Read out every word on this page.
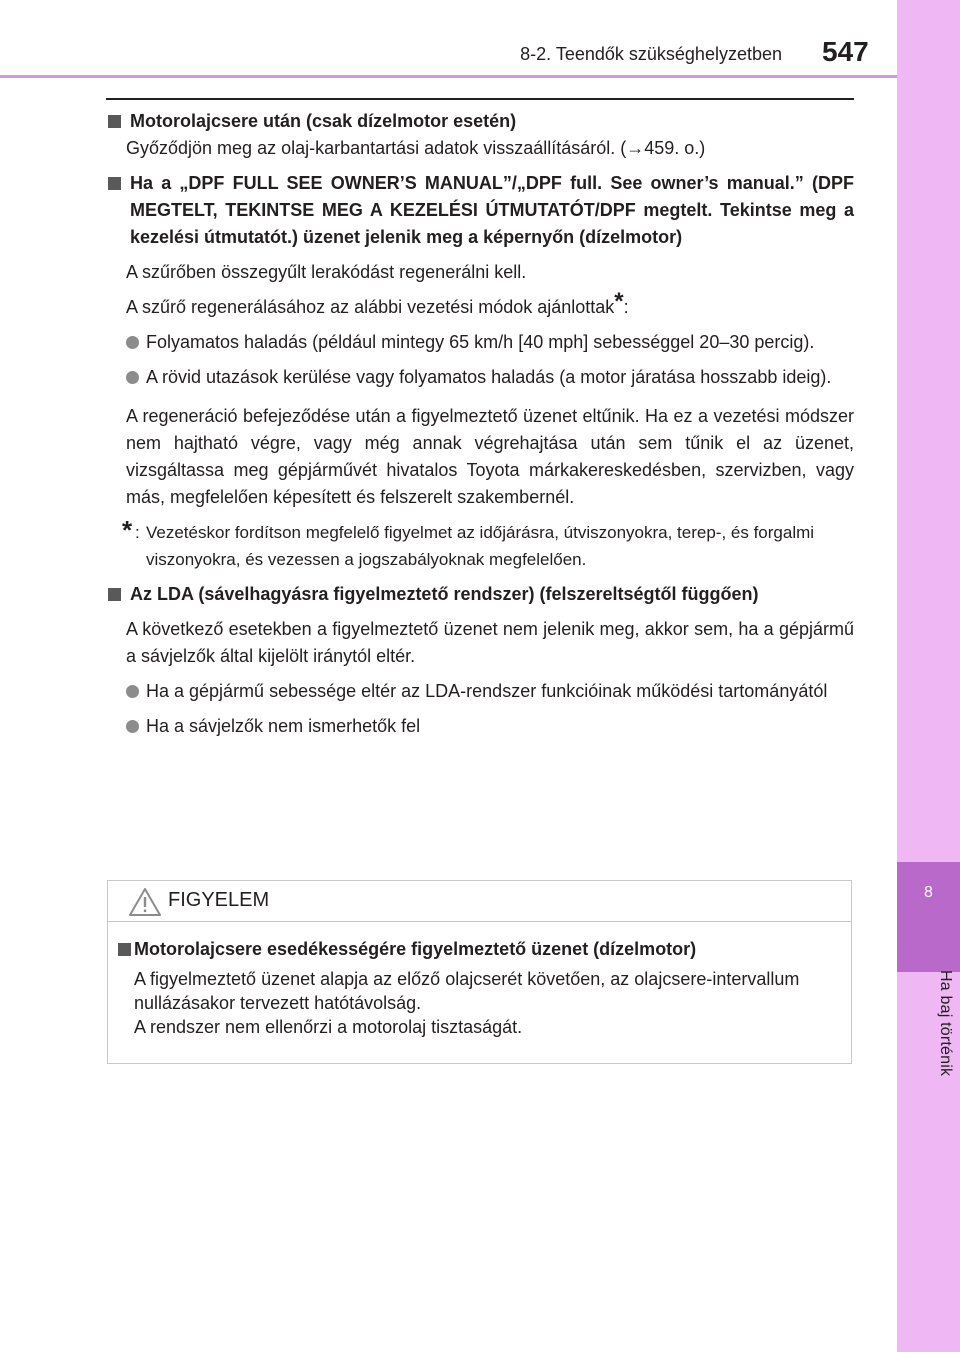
8-2. Teendők szükséghelyzetben 547
8
Ha baj történik
Motorolajcsere után (csak dízelmotor esetén)
Győződjön meg az olaj-karbantartási adatok visszaállításáról. (→459. o.)
Ha a „DPF FULL SEE OWNER’S MANUAL”/„DPF full. See owner’s manual.” (DPF MEGTELT, TEKINTSE MEG A KEZELÉSI ÚTMUTATÓT/DPF megtelt. Tekintse meg a kezelési útmutatót.) üzenet jelenik meg a képernyőn (dízelmotor)
A szűrőben összegyűlt lerakódást regenerálni kell.
A szűrő regenerálásához az alábbi vezetési módok ajánlottak*:
Folyamatos haladás (például mintegy 65 km/h [40 mph] sebességgel 20–30 percig).
A rövid utazások kerülése vagy folyamatos haladás (a motor járatása hosszabb ideig).
A regeneráció befejeződése után a figyelmeztető üzenet eltűnik. Ha ez a vezetési módszer nem hajtható végre, vagy még annak végrehajtása után sem tűnik el az üzenet, vizsgáltassa meg gépjárművét hivatalos Toyota márkakereskedésben, szervizben, vagy más, megfelelően képesített és felszerelt szakembernél.
* : Vezetéskor fordítson megfelelő figyelmet az időjárásra, útviszonyokra, terep-, és forgalmi viszonyokra, és vezessen a jogszabályoknak megfelelően.
Az LDA (sávelhagyásra figyelmeztető rendszer) (felszereltségtől függően)
A következő esetekben a figyelmeztető üzenet nem jelenik meg, akkor sem, ha a gépjármű a sávjelzők által kijelölt iránytól eltér.
Ha a gépjármű sebessége eltér az LDA-rendszer funkcióinak működési tartományától
Ha a sávjelzők nem ismerhetők fel
FIGYELEM
Motorolajcsere esedékességére figyelmeztető üzenet (dízelmotor)
A figyelmeztető üzenet alapja az előző olajcserét követően, az olajcsere-intervallum nullázásakor tervezett hatótávolság.
A rendszer nem ellenőrzi a motorolaj tisztaságát.
